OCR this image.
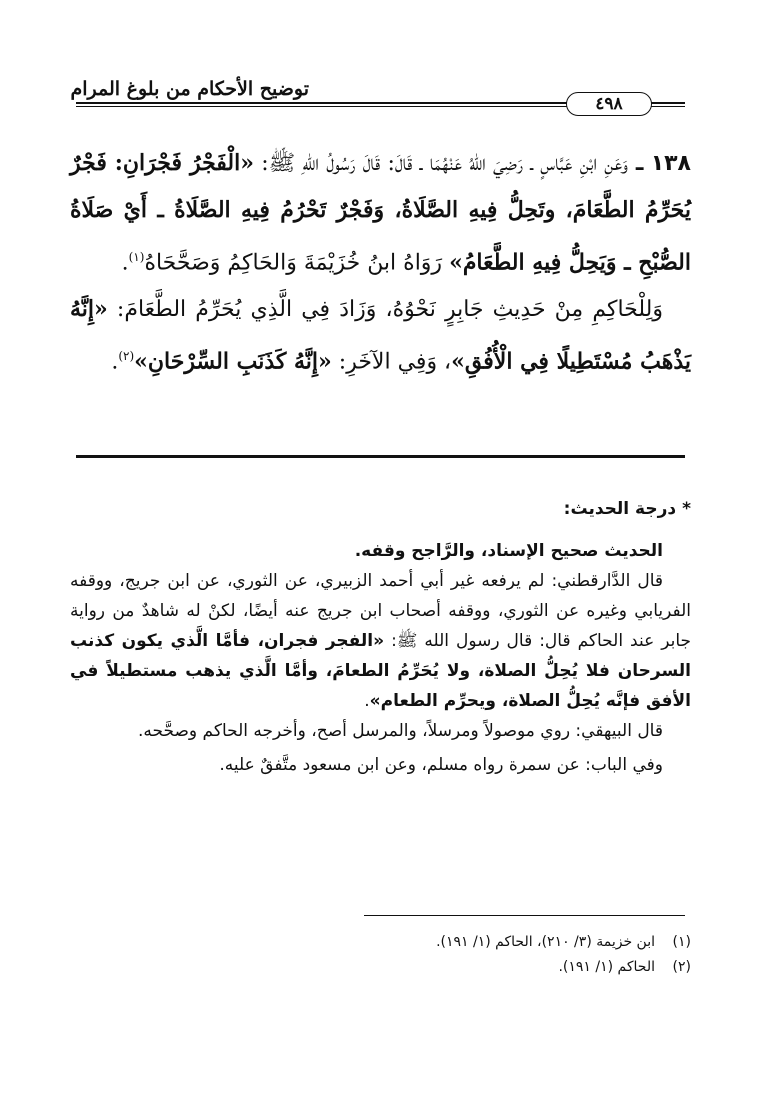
توضيح الأحكام من بلوغ المرام
٤٩٨

١٣٨ ـ وَعَنِ ابْنِ عَبَّاسٍ ـ رَضِيَ اللهُ عَنْهُمَا ـ قَالَ: قَالَ رَسُولُ اللهِ ﷺ: «الْفَجْرُ فَجْرَانِ: فَجْرٌ يُحَرِّمُ الطَّعَامَ، وتَحِلُّ فِيهِ الصَّلَاةُ، وَفَجْرٌ تَحْرُمُ فِيهِ الصَّلَاةُ ـ أَيْ صَلَاةُ الصُّبْحِ ـ وَيَحِلُّ فِيهِ الطَّعَامُ» رَوَاهُ ابنُ خُزَيْمَةَ وَالحَاكِمُ وَصَحَّحَاهُ$^{(١)}$.

وَلِلْحَاكِمِ مِنْ حَدِيثِ جَابِرٍ نَحْوُهُ، وَزَادَ فِي الَّذِي يُحَرِّمُ الطَّعَامَ: «إِنَّهُ يَذْهَبُ مُسْتَطِيلًا فِي الْأُفُقِ»، وَفِي الآخَرِ: «إِنَّهُ كَذَنَبِ السِّرْحَانِ»$^{(٢)}$.

*درجة الحديث:

الحديث صحيح الإسناد، والرَّاجح وقفه.

قال الدَّارقطني: لم يرفعه غير أبي أحمد الزبيري، عن الثوري، عن ابن جريج، ووقفه الفريابي وغيره عن الثوري، ووقفه أصحاب ابن جريج عنه أيضًا، لكنْ له شاهدٌ من رواية جابر عند الحاكم قال: قال رسول الله ﷺ: «الفجر فجران، فأمَّا الَّذي يكون كذنب السرحان فلا يُحِلُّ الصلاة، ولا يُحَرِّمُ الطعامَ، وأمَّا الَّذي يذهب مستطيلاً في الأفق فإنَّه يُحِلُّ الصلاة، ويحرِّم الطعام».

قال البيهقي: روي موصولاً ومرسلاً، والمرسل أصح، وأخرجه الحاكم وصحَّحه.

وفي الباب: عن سمرة رواه مسلم، وعن ابن مسعود متَّفقٌ عليه.

(١)ابن خزيمة (٣/ ٢١٠)، الحاكم (١/ ١٩١).
(٢)الحاكم (١/ ١٩١).
